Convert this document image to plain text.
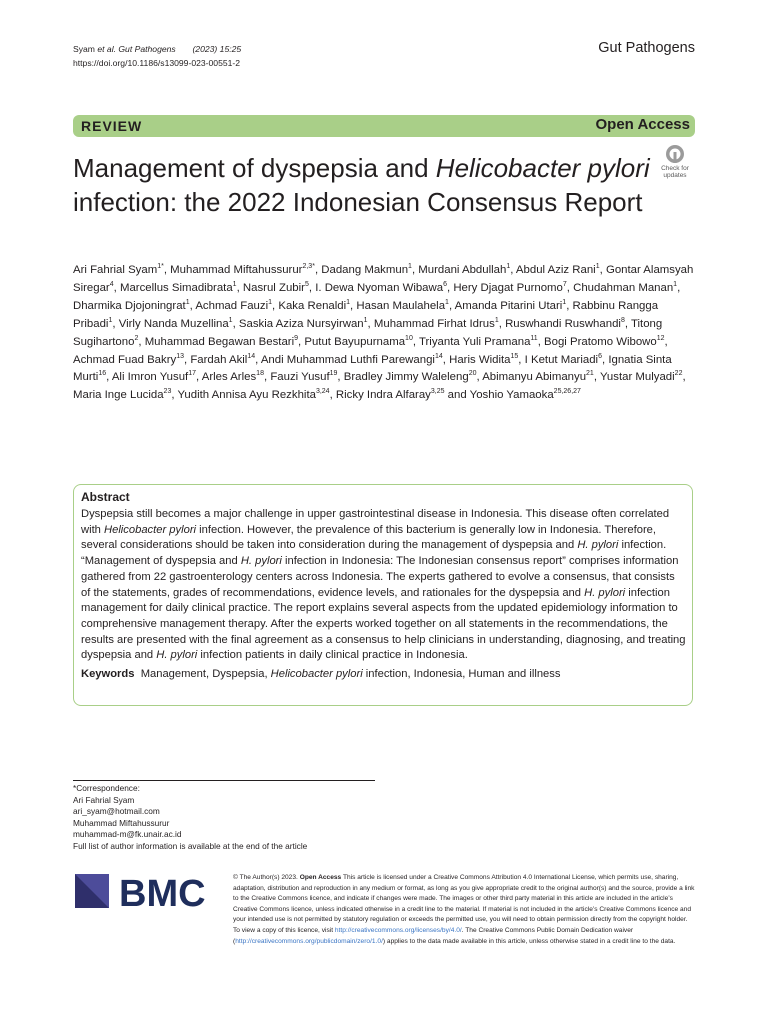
Syam et al. Gut Pathogens (2023) 15:25
https://doi.org/10.1186/s13099-023-00551-2
Gut Pathogens
REVIEW	Open Access
Management of dyspepsia and Helicobacter pylori infection: the 2022 Indonesian Consensus Report
Check for
updates
Ari Fahrial Syam$^{1*}$, Muhammad Miftahussurur$^{2,3*}$, Dadang Makmun$^1$, Murdani Abdullah$^1$, Abdul Aziz Rani$^1$, Gontar Alamsyah Siregar$^4$, Marcellus Simadibrata$^1$, Nasrul Zubir$^5$, I. Dewa Nyoman Wibawa$^6$, Hery Djagat Purnomo$^7$, Chudahman Manan$^1$, Dharmika Djojoningrat$^1$, Achmad Fauzi$^1$, Kaka Renaldi$^1$, Hasan Maulahela$^1$, Amanda Pitarini Utari$^1$, Rabbinu Rangga Pribadi$^1$, Virly Nanda Muzellina$^1$, Saskia Aziza Nursyirwan$^1$, Muhammad Firhat Idrus$^1$, Ruswhandi Ruswhandi$^8$, Titong Sugihartono$^2$, Muhammad Begawan Bestari$^9$, Putut Bayupurnama$^{10}$, Triyanta Yuli Pramana$^{11}$, Bogi Pratomo Wibowo$^{12}$, Achmad Fuad Bakry$^{13}$, Fardah Akil$^{14}$, Andi Muhammad Luthfi Parewangi$^{14}$, Haris Widita$^{15}$, I Ketut Mariadi$^6$, Ignatia Sinta Murti$^{16}$, Ali Imron Yusuf$^{17}$, Arles Arles$^{18}$, Fauzi Yusuf$^{19}$, Bradley Jimmy Waleleng$^{20}$, Abimanyu Abimanyu$^{21}$, Yustar Mulyadi$^{22}$, Maria Inge Lucida$^{23}$, Yudith Annisa Ayu Rezkhita$^{3,24}$, Ricky Indra Alfaray$^{3,25}$ and Yoshio Yamaoka$^{25,26,27}$
Abstract

Dyspepsia still becomes a major challenge in upper gastrointestinal disease in Indonesia. This disease often correlated with Helicobacter pylori infection. However, the prevalence of this bacterium is generally low in Indonesia. Therefore, several considerations should be taken into consideration during the management of dyspepsia and H. pylori infection. “Management of dyspepsia and H. pylori infection in Indonesia: The Indonesian consensus report” comprises information gathered from 22 gastroenterology centers across Indonesia. The experts gathered to evolve a consensus, that consists of the statements, grades of recommendations, evidence levels, and rationales for the dyspepsia and H. pylori infection management for daily clinical practice. The report explains several aspects from the updated epidemiology information to comprehensive management therapy. After the experts worked together on all statements in the recommendations, the results are presented with the final agreement as a consensus to help clinicians in understanding, diagnosing, and treating dyspepsia and H. pylori infection patients in daily clinical practice in Indonesia.

Keywords Management, Dyspepsia, Helicobacter pylori infection, Indonesia, Human and illness
*Correspondence:
Ari Fahrial Syam
ari_syam@hotmail.com
Muhammad Miftahussurur
muhammad-m@fk.unair.ac.id
Full list of author information is available at the end of the article
BMC	© The Author(s) 2023. Open Access This article is licensed under a Creative Commons Attribution 4.0 International License, which permits use, sharing, adaptation, distribution and reproduction in any medium or format, as long as you give appropriate credit to the original author(s) and the source, provide a link to the Creative Commons licence, and indicate if changes were made. The images or other third party material in this article are included in the article’s Creative Commons licence, unless indicated otherwise in a credit line to the material. If material is not included in the article’s Creative Commons licence and your intended use is not permitted by statutory regulation or exceeds the permitted use, you will need to obtain permission directly from the copyright holder. To view a copy of this licence, visit http://creativecommons.org/licenses/by/4.0/. The Creative Commons Public Domain Dedication waiver (http://creativecommons.org/publicdomain/zero/1.0/) applies to the data made available in this article, unless otherwise stated in a credit line to the data.
